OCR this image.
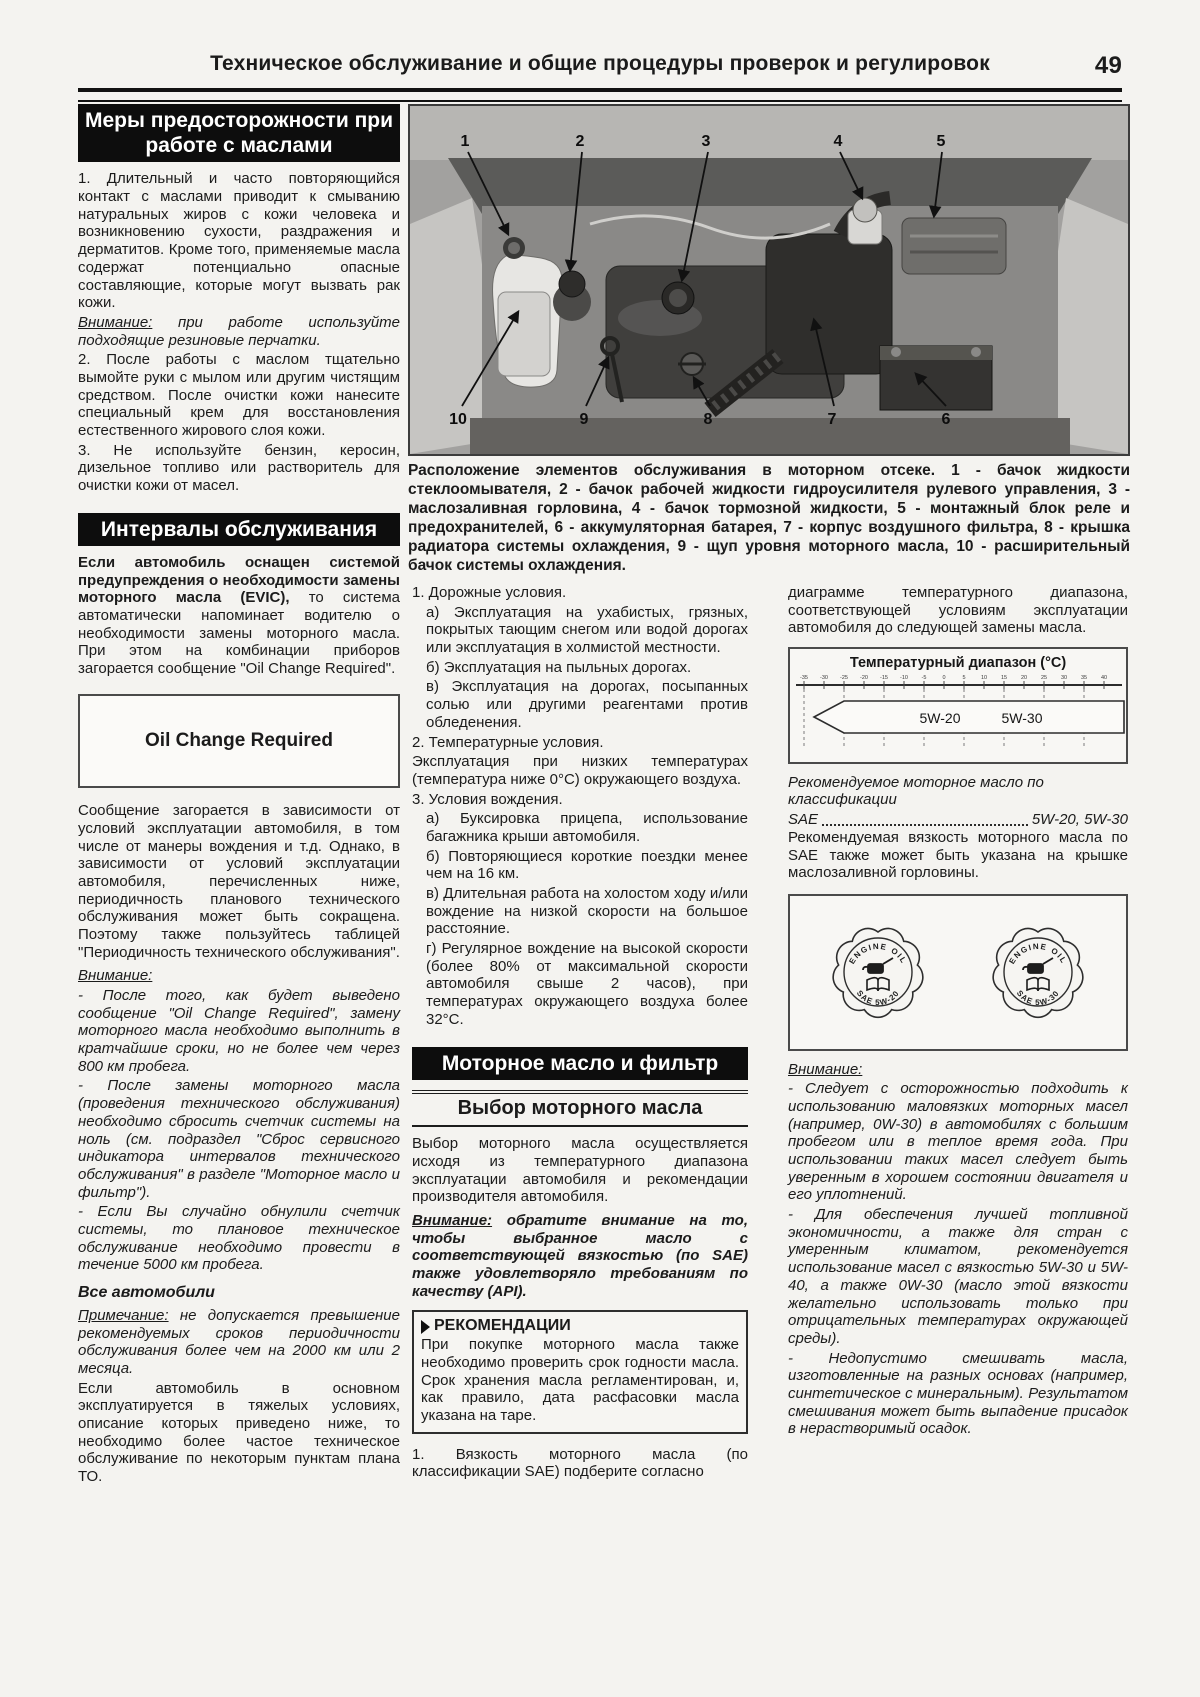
Техническое обслуживание и общие процедуры проверок и регулировок	49
Меры предосторожности при работе с маслами

1. Длительный и часто повторяющийся контакт с маслами приводит к смыванию натуральных жиров с кожи человека и возникновению сухости, раздражения и дерматитов. Кроме того, применяемые масла содержат потенциально опасные составляющие, которые могут вызвать рак кожи.

Внимание: при работе используйте подходящие резиновые перчатки.

2. После работы с маслом тщательно вымойте руки с мылом или другим чистящим средством. После очистки кожи нанесите специальный крем для восстановления естественного жирового слоя кожи.

3. Не используйте бензин, керосин, дизельное топливо или растворитель для очистки кожи от масел.

Интервалы обслуживания

Если автомобиль оснащен системой предупреждения о необходимости замены моторного масла (EVIC), то система автоматически напоминает водителю о необходимости замены моторного масла. При этом на комбинации приборов загорается сообщение "Oil Change Required".

Oil Change Required

Сообщение загорается в зависимости от условий эксплуатации автомобиля, в том числе от манеры вождения и т.д. Однако, в зависимости от условий эксплуатации автомобиля, перечисленных ниже, периодичность планового технического обслуживания может быть сокращена. Поэтому также пользуйтесь таблицей "Периодичность технического обслуживания".

Внимание:

- После того, как будет выведено сообщение "Oil Change Required", замену моторного масла необходимо выполнить в кратчайшие сроки, но не более чем через 800 км пробега.

- После замены моторного масла (проведения технического обслуживания) необходимо сбросить счетчик системы на ноль (см. подраздел "Сброс сервисного индикатора интервалов технического обслуживания" в разделе "Моторное масло и фильтр").

- Если Вы случайно обнулили счетчик системы, то плановое техническое обслуживание необходимо провести в течение 5000 км пробега.

Все автомобили

Примечание: не допускается превышение рекомендуемых сроков периодичности обслуживания более чем на 2000 км или 2 месяца.

Если автомобиль в основном эксплуатируется в тяжелых условиях, описание которых приведено ниже, то необходимо более частое техническое обслуживание по некоторым пунктам плана ТО.

1	2	3	4	5
10	9	8	7	6
Расположение элементов обслуживания в моторном отсеке. 1 - бачок жидкости стеклоомывателя, 2 - бачок рабочей жидкости гидроусилителя рулевого управления, 3 - маслозаливная горловина, 4 - бачок тормозной жидкости, 5 - монтажный блок реле и предохранителей, 6 - аккумуляторная батарея, 7 - корпус воздушного фильтра, 8 - крышка радиатора системы охлаждения, 9 - щуп уровня моторного масла, 10 - расширительный бачок системы охлаждения.

1. Дорожные условия.

а) Эксплуатация на ухабистых, грязных, покрытых тающим снегом или водой дорогах или эксплуатация в холмистой местности.

б) Эксплуатация на пыльных дорогах.

в) Эксплуатация на дорогах, посыпанных солью или другими реагентами против обледенения.

2. Температурные условия.

Эксплуатация при низких температурах (температура ниже 0°С) окружающего воздуха.

3. Условия вождения.

а) Буксировка прицепа, использование багажника крыши автомобиля.

б) Повторяющиеся короткие поездки менее чем на 16 км.

в) Длительная работа на холостом ходу и/или вождение на низкой скорости на большое расстояние.

г) Регулярное вождение на высокой скорости (более 80% от максимальной скорости автомобиля свыше 2 часов), при температурах окружающего воздуха более 32°С.

Моторное масло и фильтр
Выбор моторного масла

Выбор моторного масла осуществляется исходя из температурного диапазона эксплуатации автомобиля и рекомендации производителя автомобиля.

Внимание: обратите внимание на то, чтобы выбранное масло с соответствующей вязкостью (по SAE) также удовлетворяло требованиям по качеству (API).

РЕКОМЕНДАЦИИ
При покупке моторного масла также необходимо проверить срок годности масла. Срок хранения масла регламентирован, и, как правило, дата расфасовки масла указана на таре.

1. Вязкость моторного масла (по классификации SAE) подберите согласно

диаграмме температурного диапазона, соответствующей условиям эксплуатации автомобиля до следующей замены масла.

Температурный диапазон (°С)
-35 -30 -25 -20 -15 -10 -5	0	5	10	15	20	25	30	35	40
5W-20	5W-30

Рекомендуемое моторное масло по классификации

SAE	5W-20, 5W-30

Рекомендуемая вязкость моторного масла по SAE также может быть указана на крышке маслозаливной горловины.

ENGINE OIL
SAE 5W-20
ENGINE OIL
SAE 5W-30

Внимание:

- Следует с осторожностью подходить к использованию маловязких моторных масел (например, 0W-30) в автомобилях с большим пробегом или в теплое время года. При использовании таких масел следует быть уверенным в хорошем состоянии двигателя и его уплотнений.

- Для обеспечения лучшей топливной экономичности, а также для стран с умеренным климатом, рекомендуется использование масел с вязкостью 5W-30 и 5W-40, а также 0W-30 (масло этой вязкости желательно использовать только при отрицательных температурах окружающей среды).

- Недопустимо смешивать масла, изготовленные на разных основах (например, синтетическое с минеральным). Результатом смешивания может быть выпадение присадок в нерастворимый осадок.
